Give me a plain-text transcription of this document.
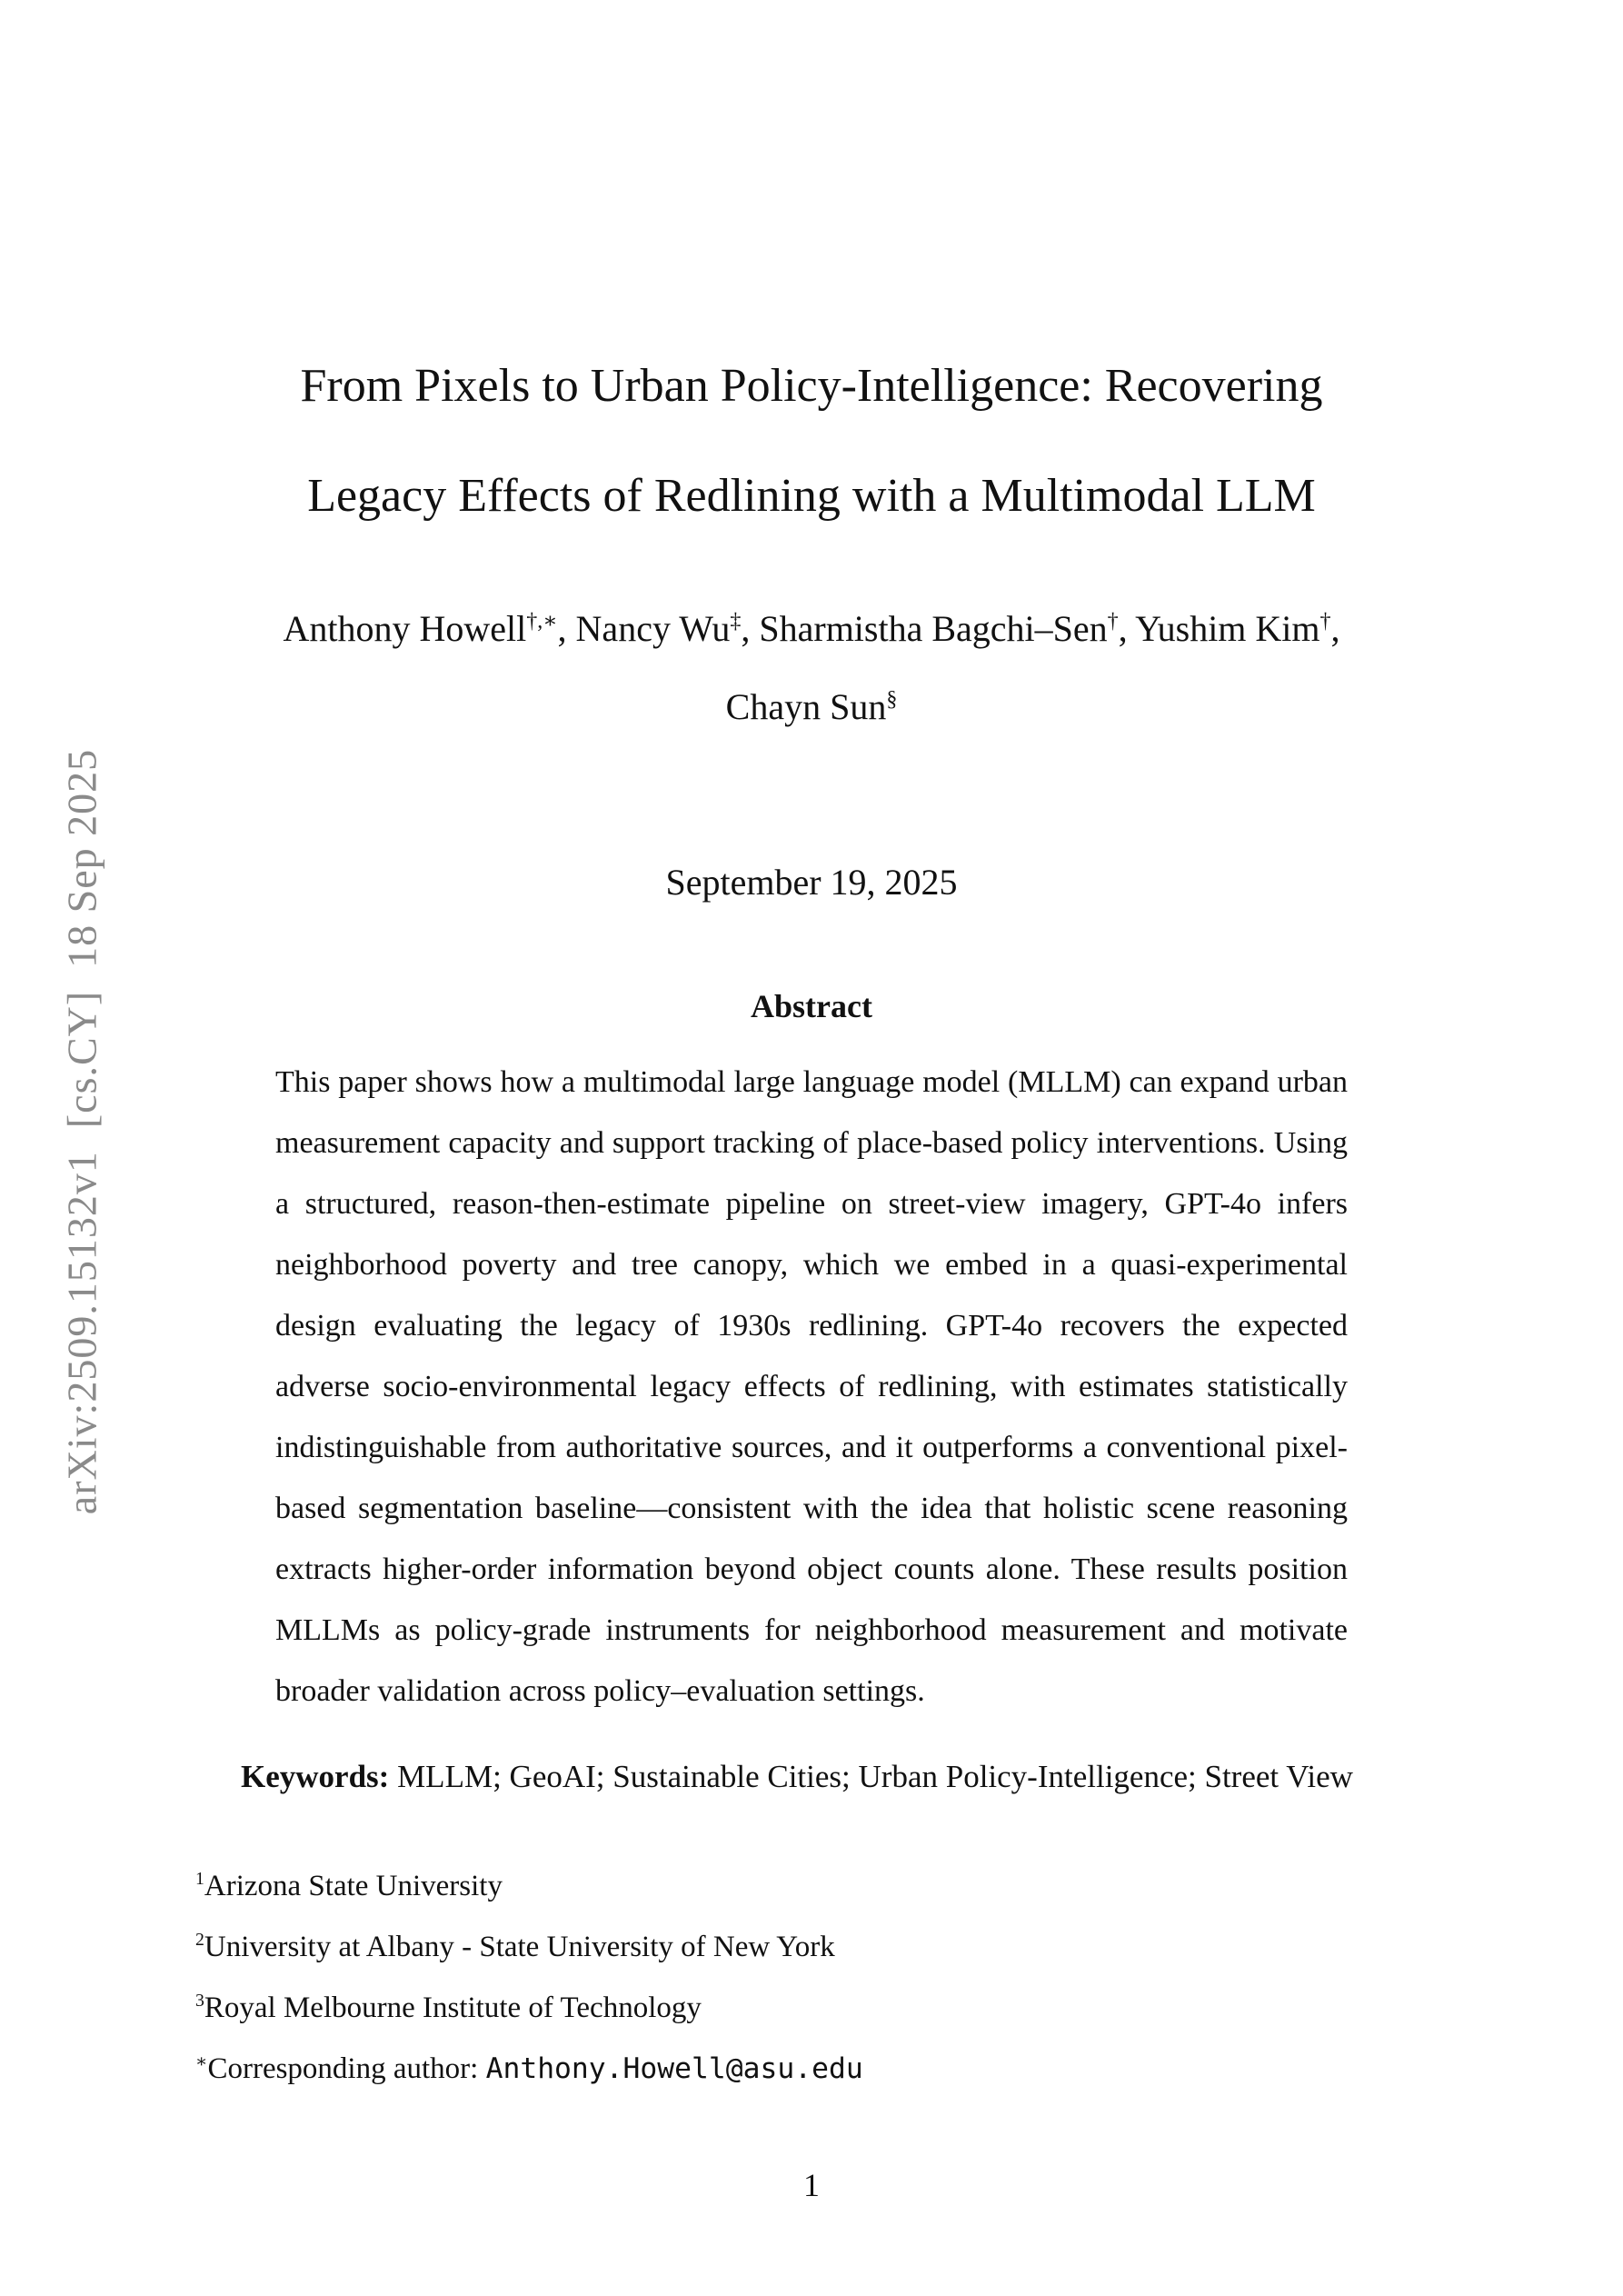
arXiv:2509.15132v1  [cs.CY]  18 Sep 2025
From Pixels to Urban Policy-Intelligence: Recovering
Legacy Effects of Redlining with a Multimodal LLM
Anthony Howell†,∗, Nancy Wu‡, Sharmistha Bagchi–Sen†, Yushim Kim†,
Chayn Sun§
September 19, 2025
Abstract

This paper shows how a multimodal large language model (MLLM) can expand urban measurement capacity and support tracking of place-based policy interventions. Using a structured, reason-then-estimate pipeline on street-view imagery, GPT-4o infers neighborhood poverty and tree canopy, which we embed in a quasi-experimental design evaluating the legacy of 1930s redlining. GPT-4o recovers the expected adverse socio-environmental legacy effects of redlining, with estimates statistically indistinguishable from authoritative sources, and it outperforms a conventional pixel-based segmentation baseline—consistent with the idea that holistic scene reasoning extracts higher-order information beyond object counts alone. These results position MLLMs as policy-grade instruments for neighborhood measurement and motivate broader validation across policy–evaluation settings.

Keywords: MLLM; GeoAI; Sustainable Cities; Urban Policy-Intelligence; Street View

$^1$Arizona State University
$^2$University at Albany - State University of New York
$^3$Royal Melbourne Institute of Technology
∗Corresponding author: Anthony.Howell@asu.edu
1
